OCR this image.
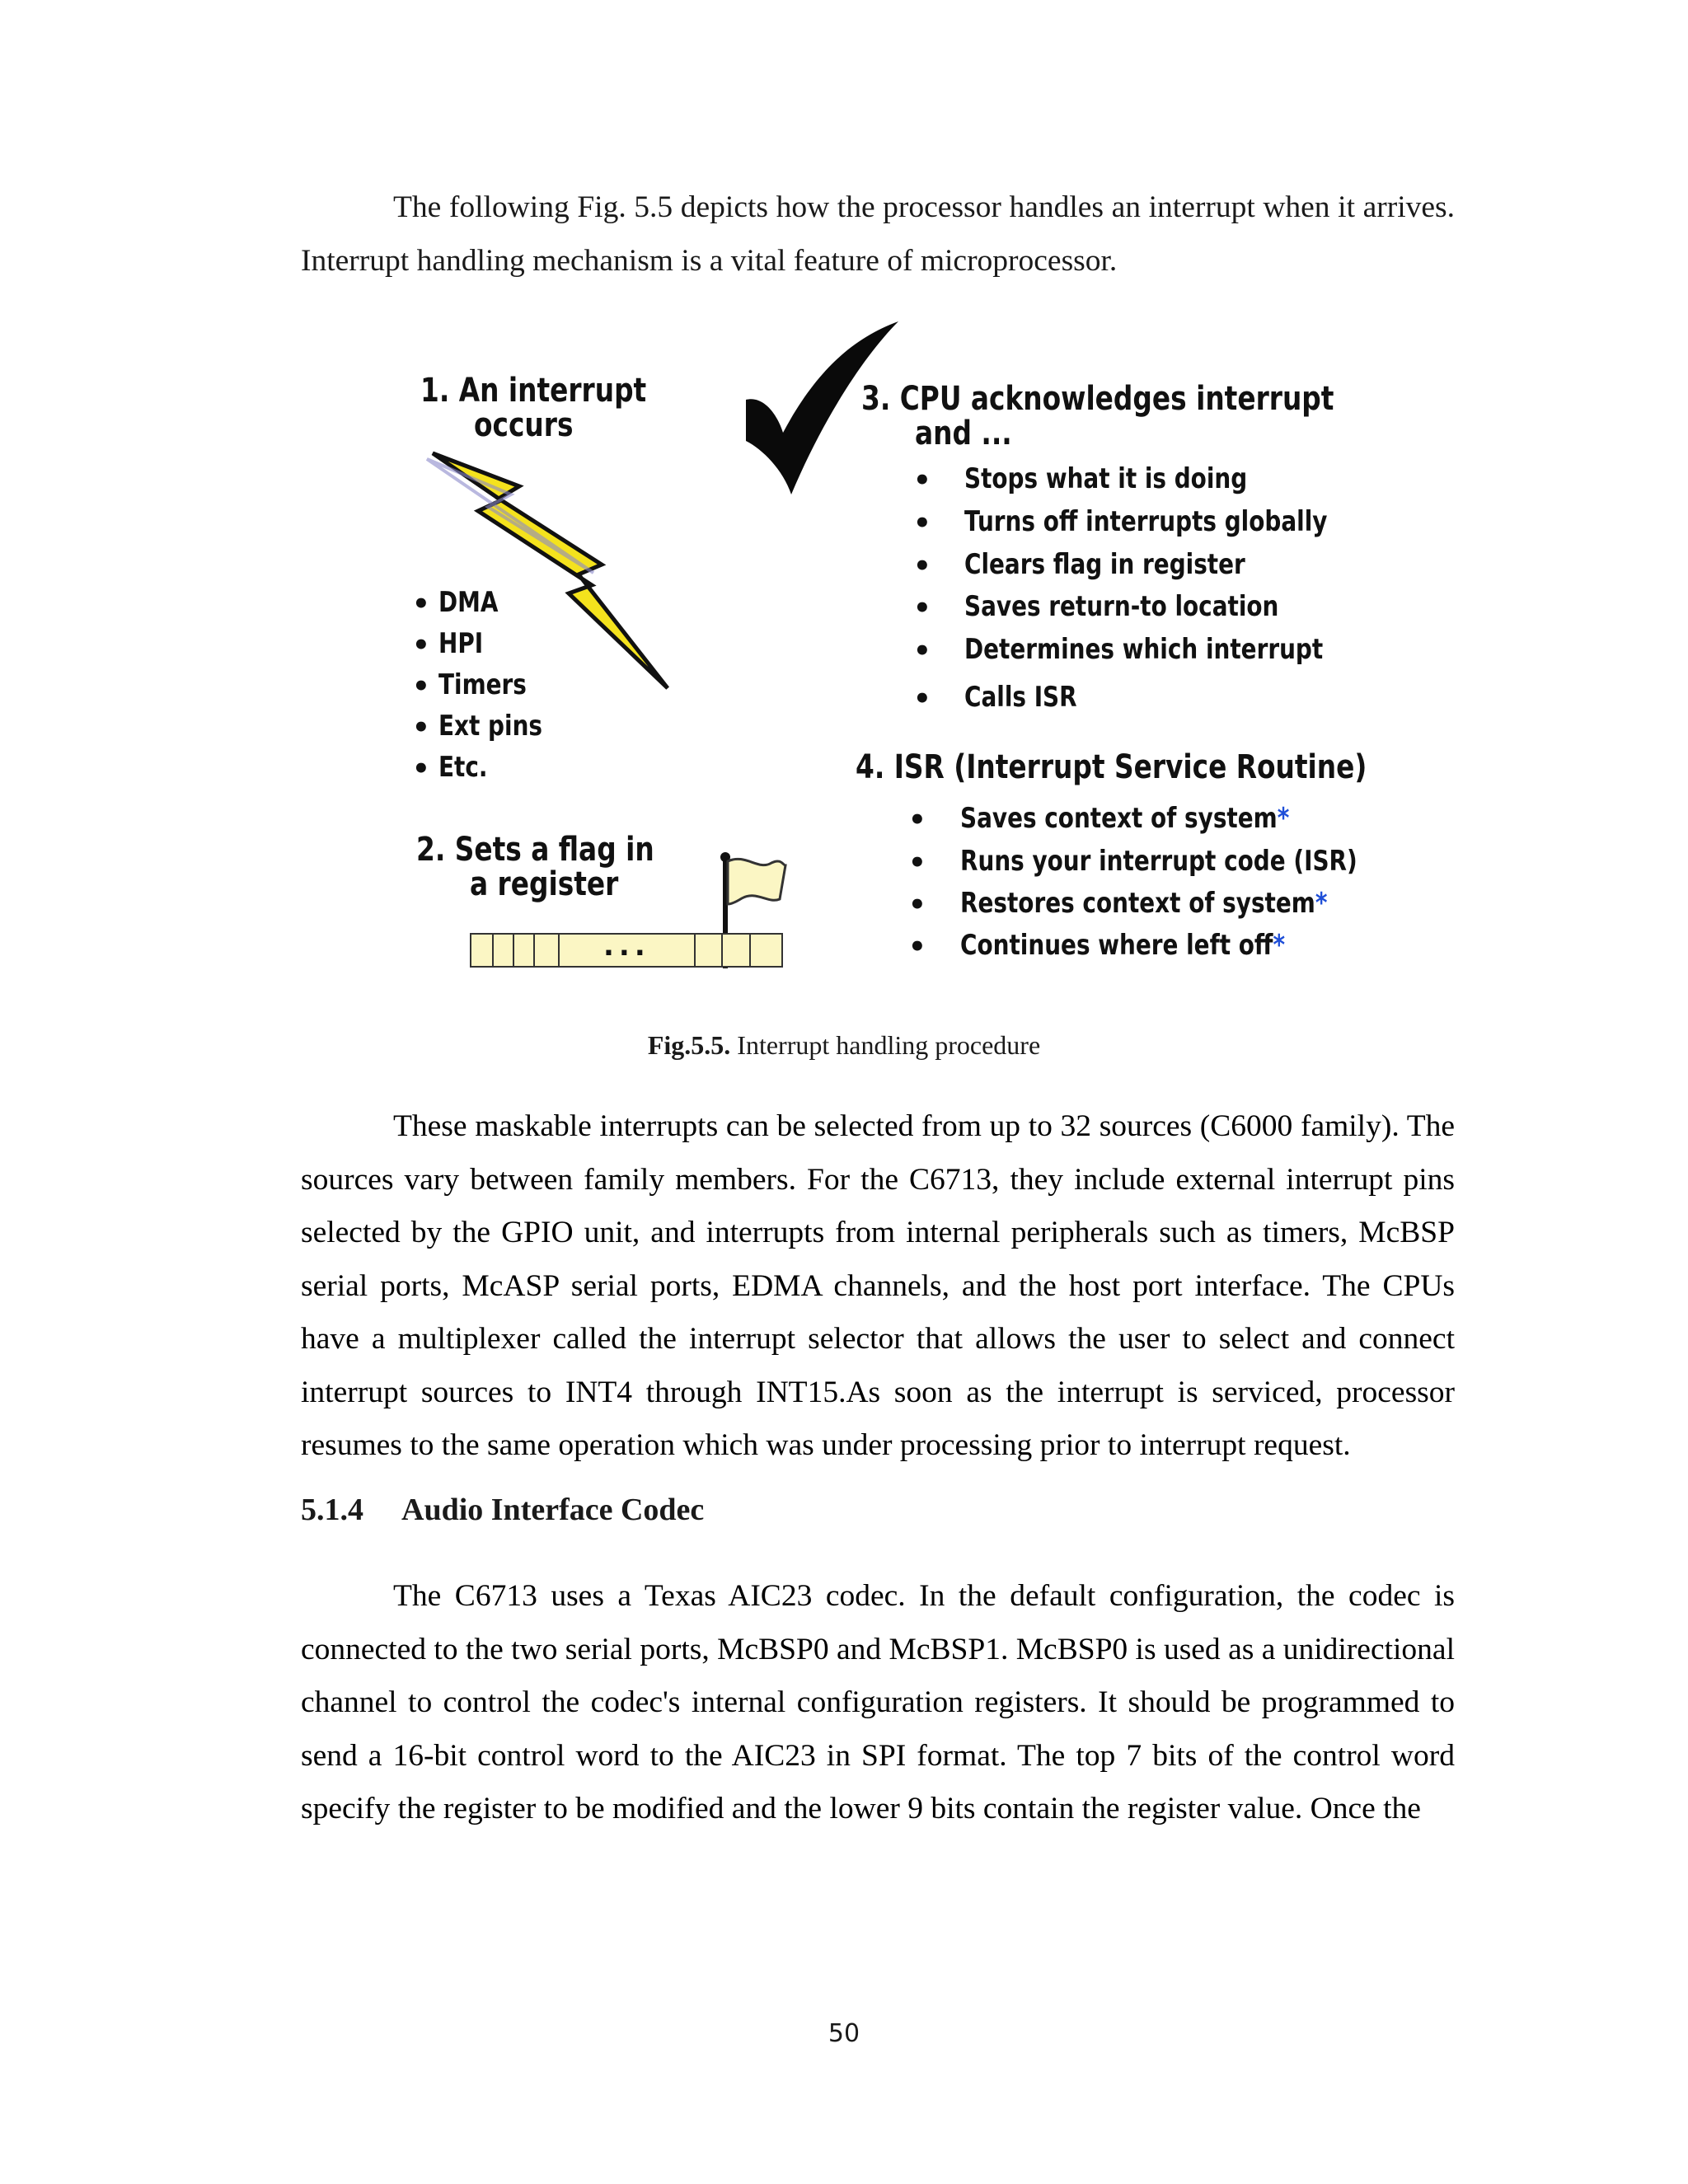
The following Fig. 5.5 depicts how the processor handles an interrupt when it arrives. Interrupt handling mechanism is a vital feature of microprocessor.

1. An interrupt
occurs
• DMA
• HPI
• Timers
• Ext pins
• Etc.
2. Sets a flag in
a register
...
3. CPU acknowledges interrupt
and ...
• Stops what it is doing
• Turns off interrupts globally
• Clears flag in register
• Saves return-to location
• Determines which interrupt
• Calls ISR
4. ISR (Interrupt Service Routine)
• Saves context of system*
• Runs your interrupt code (ISR)
• Restores context of system*
• Continues where left off*
Fig.5.5. Interrupt handling procedure

These maskable interrupts can be selected from up to 32 sources (C6000 family). The sources vary between family members. For the C6713, they include external interrupt pins selected by the GPIO unit, and interrupts from internal peripherals such as timers, McBSP serial ports, McASP serial ports, EDMA channels, and the host port interface. The CPUs have a multiplexer called the interrupt selector that allows the user to select and connect interrupt sources to INT4 through INT15.As soon as the interrupt is serviced, processor resumes to the same operation which was under processing prior to interrupt request.

5.1.4 Audio Interface Codec

The C6713 uses a Texas AIC23 codec. In the default configuration, the codec is connected to the two serial ports, McBSP0 and McBSP1. McBSP0 is used as a unidirectional channel to control the codec's internal configuration registers. It should be programmed to send a 16-bit control word to the AIC23 in SPI format. The top 7 bits of the control word specify the register to be modified and the lower 9 bits contain the register value. Once the

50
